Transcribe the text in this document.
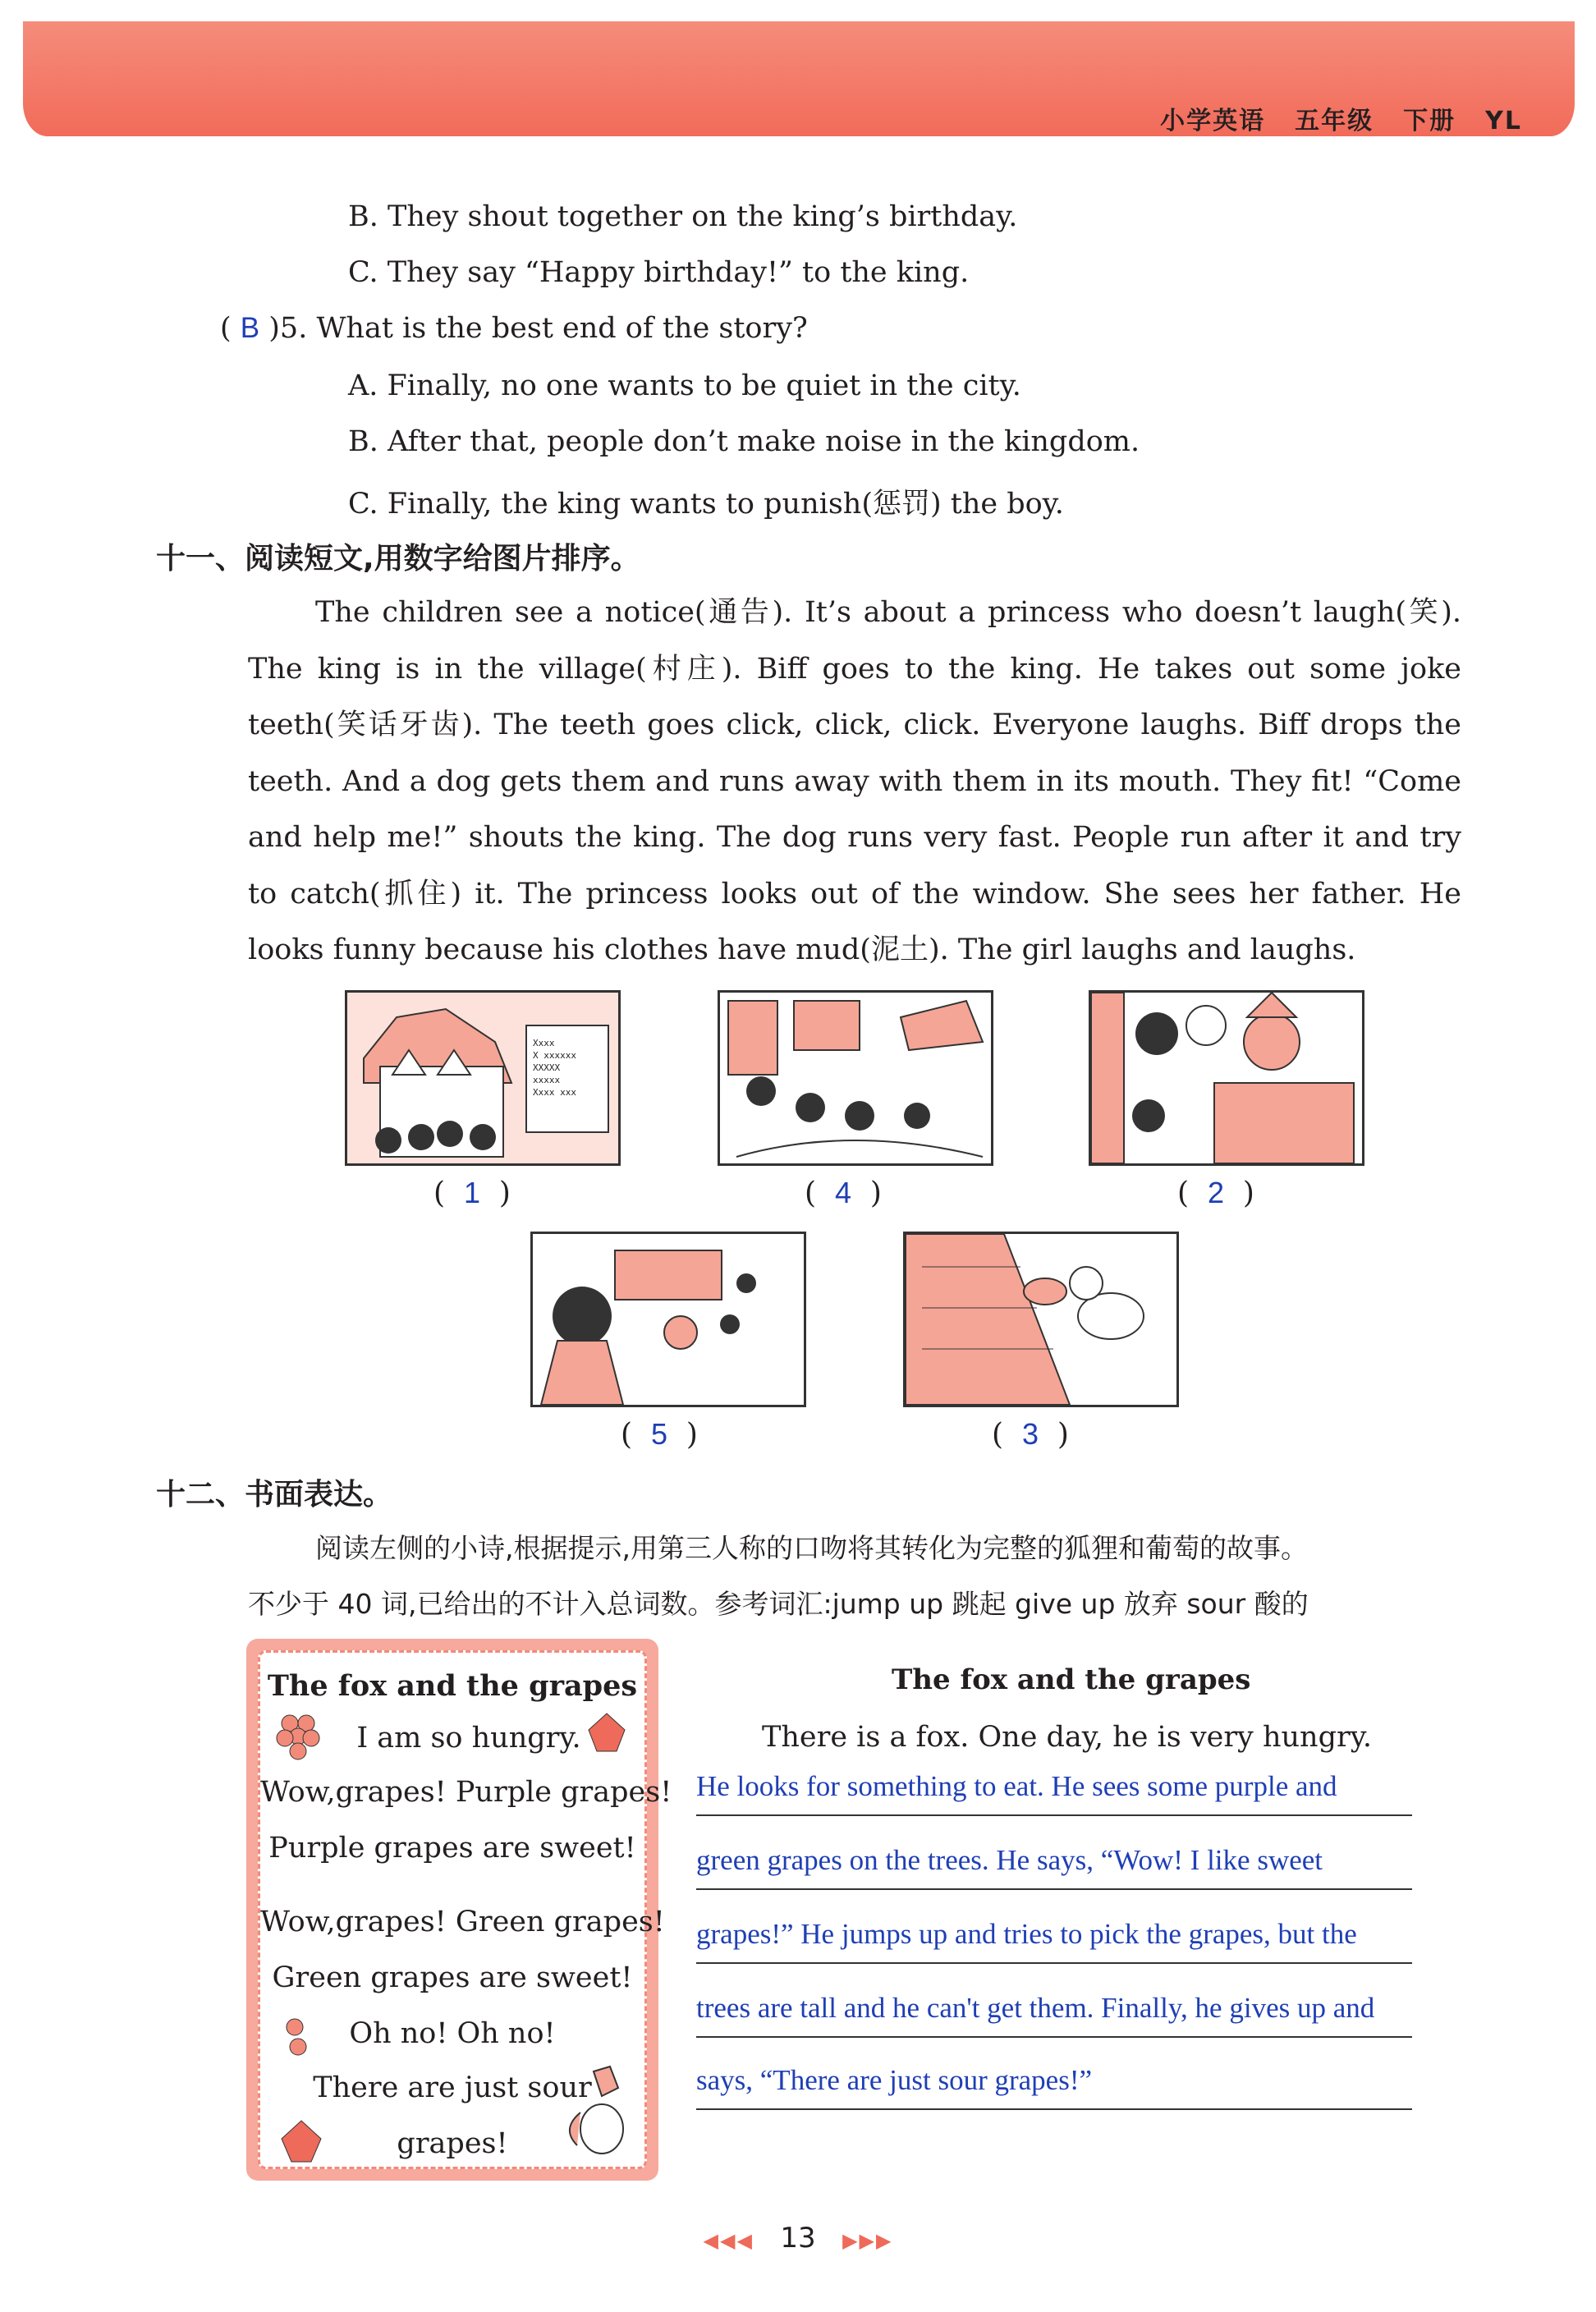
小学英语 五年级 下册 YL
B. They shout together on the king’s birthday.
C. They say “Happy birthday!” to the king.
( B )5. What is the best end of the story?
A. Finally, no one wants to be quiet in the city.
B. After that, people don’t make noise in the kingdom.
C. Finally, the king wants to punish(惩罚) the boy.
十一、阅读短文,用数字给图片排序。
The children see a notice(通告). It’s about a princess who doesn’t laugh(笑). The king is in the village(村庄). Biff goes to the king. He takes out some joke teeth(笑话牙齿). The teeth goes click, click, click. Everyone laughs. Biff drops the teeth. And a dog gets them and runs away with them in its mouth. They fit! “Come and help me!” shouts the king. The dog runs very fast. People run after it and try to catch(抓住) it. The princess looks out of the window. She sees her father. He looks funny because his clothes have mud(泥土). The girl laughs and laughs.
Xxxx
X xxxxxx
XXXXX
xxxxx
Xxxx xxx
(  1  )	(  4  )	(  2  )
(  5  )	(  3  )
十二、书面表达。
阅读左侧的小诗,根据提示,用第三人称的口吻将其转化为完整的狐狸和葡萄的故事。
不少于 40 词,已给出的不计入总词数。参考词汇:jump up 跳起 give up 放弃 sour 酸的
The fox and the grapes
I am so hungry.
Wow,grapes! Purple grapes!
Purple grapes are sweet!
Wow,grapes! Green grapes!
Green grapes are sweet!
Oh no! Oh no!
There are just sour
grapes!
The fox and the grapes
There is a fox. One day, he is very hungry.
He looks for something to eat. He sees some purple and
green grapes on the trees. He says, “Wow! I like sweet
grapes!” He jumps up and tries to pick the grapes, but the
trees are tall and he can't get them. Finally, he gives up and
says, “There are just sour grapes!”
◀◀◀ 13 ▶▶▶
